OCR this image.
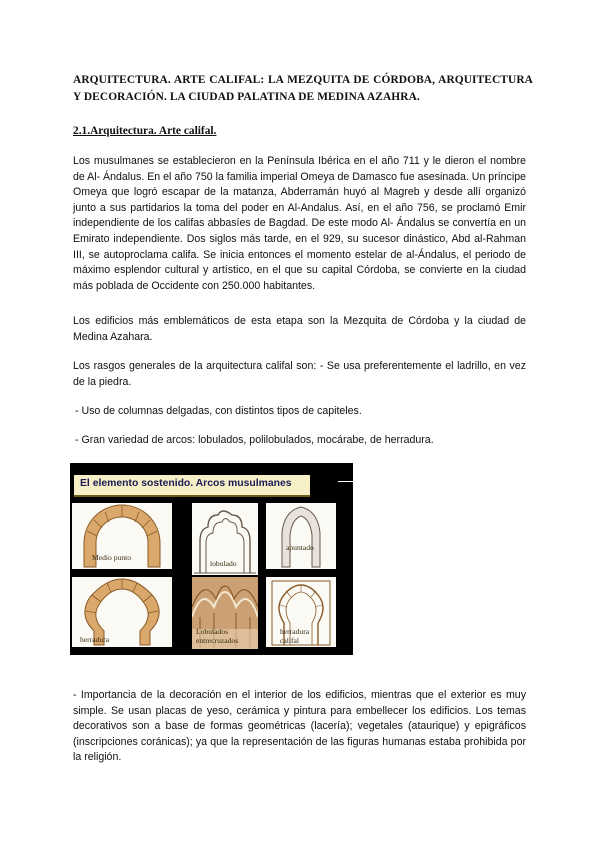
ARQUITECTURA. ARTE CALIFAL: LA MEZQUITA DE CÓRDOBA, ARQUITECTURA Y DECORACIÓN. LA CIUDAD PALATINA DE MEDINA AZAHRA.
2.1.Arquitectura. Arte califal.

Los musulmanes se establecieron en la Península Ibérica en el año 711 y le dieron el nombre de Al- Ándalus. En el año 750 la familia imperial Omeya de Damasco fue asesinada. Un príncipe Omeya que logró escapar de la matanza, Abderramán huyó al Magreb y desde allí organizó junto a sus partidarios la toma del poder en Al-Andalus. Así, en el año 756, se proclamó Emir independiente de los califas abbasíes de Bagdad. De este modo Al- Ándalus se convertía en un Emirato independiente. Dos siglos más tarde, en el 929, su sucesor dinástico, Abd al-Rahman III, se autoproclama califa. Se inicia entonces el momento estelar de al-Ándalus, el periodo de máximo esplendor cultural y artístico, en el que su capital Córdoba, se convierte en la ciudad más poblada de Occidente con 250.000 habitantes.

Los edificios más emblemáticos de esta etapa son la Mezquita de Córdoba y la ciudad de Medina Azahara.

Los rasgos generales de la arquitectura califal son: - Se usa preferentemente el ladrillo, en vez de la piedra.

- Uso de columnas delgadas, con distintos tipos de capiteles.

- Gran variedad de arcos: lobulados, polilobulados, mocárabe, de herradura.

El elemento sostenido. Arcos musulmanes
Medio punto
lobulado
apuntado
herradura
Lobulados entrecruzados
herradura califal

- Importancia de la decoración en el interior de los edificios, mientras que el exterior es muy simple. Se usan placas de yeso, cerámica y pintura para embellecer los edificios. Los temas decorativos son a base de formas geométricas (lacería); vegetales (ataurique) y epigráficos (inscripciones coránicas); ya que la representación de las figuras humanas estaba prohibida por la religión.
